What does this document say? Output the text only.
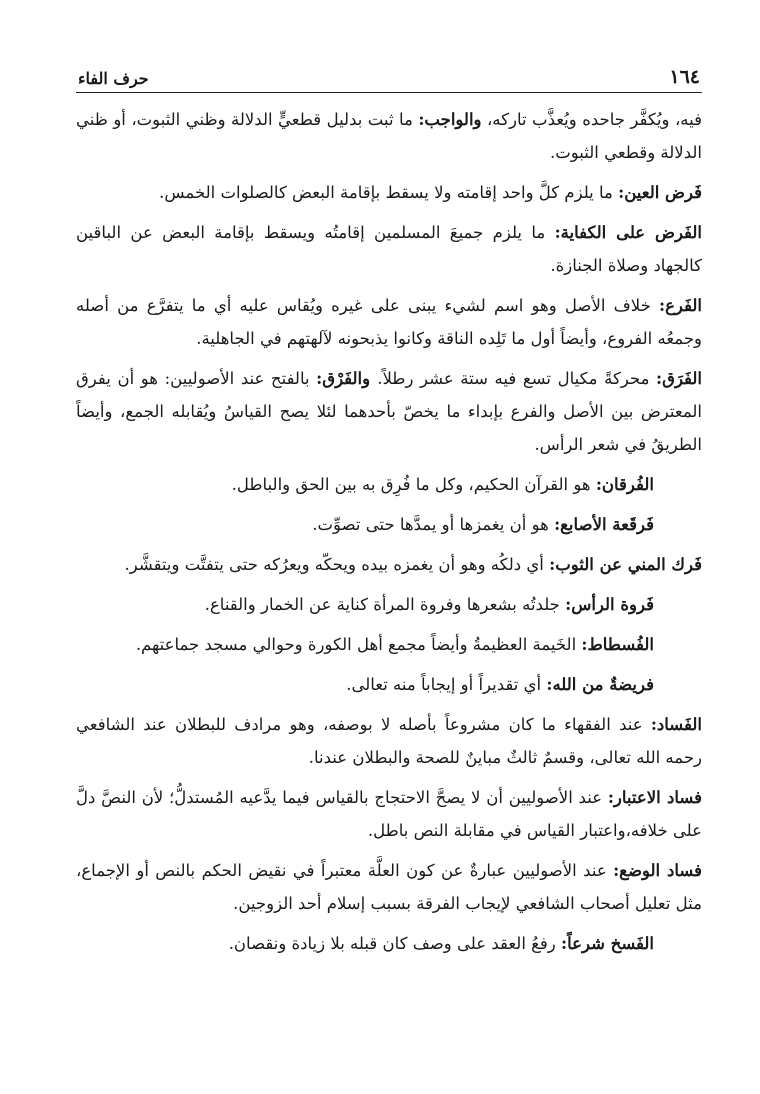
١٦٤
حرف الفاء

فيه، ويُكفَّر جاحده ويُعذَّب تاركه، والواجب: ما ثبت بدليل قطعيٍّ الدلالة وظني الثبوت، أو ظني الدلالة وقطعي الثبوت.

فَرض العين: ما يلزم كلَّ واحد إقامته ولا يسقط بإقامة البعض كالصلوات الخمس.

الفَرض على الكفاية: ما يلزم جميعَ المسلمين إقامتُه ويسقط بإقامة البعض عن الباقين كالجهاد وصلاة الجنازة.

الفَرع: خلاف الأصل وهو اسم لشيء يبنى على غيره ويُقاس عليه أي ما يتفرَّع من أصله وجمعُه الفروع، وأيضاً أول ما تَلِده الناقة وكانوا يذبحونه لآلهتهم في الجاهلية.

الفَرَق: محركةً مكيال تسع فيه ستة عشر رطلاً. والفَرْق: بالفتح عند الأصوليين: هو أن يفرق المعترض بين الأصل والفرع بإبداء ما يخصّ بأحدهما لئلا يصح القياسُ ويُقابله الجمع، وأيضاً الطريقُ في شعر الرأس.

الفُرقان: هو القرآن الحكيم، وكل ما فُرِق به بين الحق والباطل.

فَرقَعة الأصابع: هو أن يغمزها أو يمدَّها حتى تصوِّت.

فَرك المني عن الثوب: أي دلكُه وهو أن يغمزه بيده ويحكّه ويعرُكه حتى يتفتَّت ويتقشَّر.

فَروة الرأس: جلدتُه بشعرها وفروة المرأة كناية عن الخمار والقناع.

الفُسطاط: الخَيمة العظيمةُ وأيضاً مجمع أهل الكورة وحوالي مسجد جماعتهم.

فريضةٌ من الله: أي تقديراً أو إيجاباً منه تعالى.

الفَساد: عند الفقهاء ما كان مشروعاً بأصله لا بوصفه، وهو مرادف للبطلان عند الشافعي رحمه الله تعالى، وقسمٌ ثالثٌ مباينٌ للصحة والبطلان عندنا.

فساد الاعتبار: عند الأصوليين أن لا يصحَّ الاحتجاج بالقياس فيما يدَّعيه المُستدلُّ؛ لأن النصَّ دلَّ على خلافه،واعتبار القياس في مقابلة النص باطل.

فساد الوضع: عند الأصوليين عبارةٌ عن كون العلَّة معتبراً في نقيض الحكم بالنص أو الإجماع، مثل تعليل أصحاب الشافعي لإيجاب الفرقة بسبب إسلام أحد الزوجين.

الفَسخ شرعاً: رفعُ العقد على وصف كان قبله بلا زيادة ونقصان.
